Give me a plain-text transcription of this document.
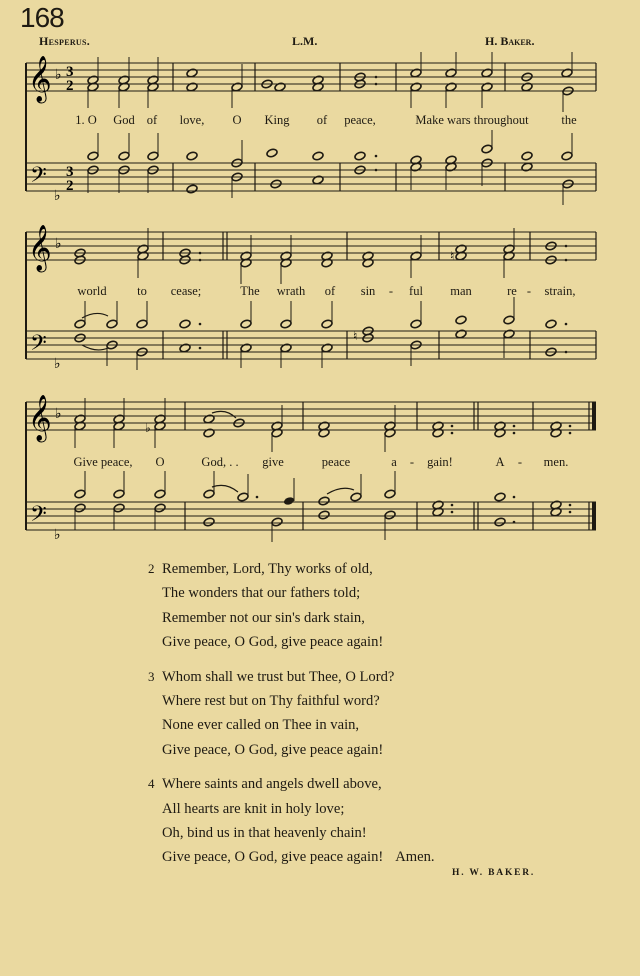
168
Hesperus.	L.M.	H. Baker.
𝄞 ♭ 3
2
𝄢
♭
3
2
𝄞 ♭
𝄢
♭
♮
♮
𝄞 ♭
𝄢
♭
♭
1. O God of love, O King of peace,	Make wars throughout	the
world to cease;	The wrath of sin - ful man	re - strain,
Give peace, O	God, . . give	peace	a - gain!	A - men.
2 Remember, Lord, Thy works of old,
The wonders that our fathers told;
Remember not our sin's dark stain,
Give peace, O God, give peace again!
3 Whom shall we trust but Thee, O Lord?
Where rest but on Thy faithful word?
None ever called on Thee in vain,
Give peace, O God, give peace again!
4 Where saints and angels dwell above,
All hearts are knit in holy love;
Oh, bind us in that heavenly chain!
Give peace, O God, give peace again! Amen.
H. W. BAKER.
